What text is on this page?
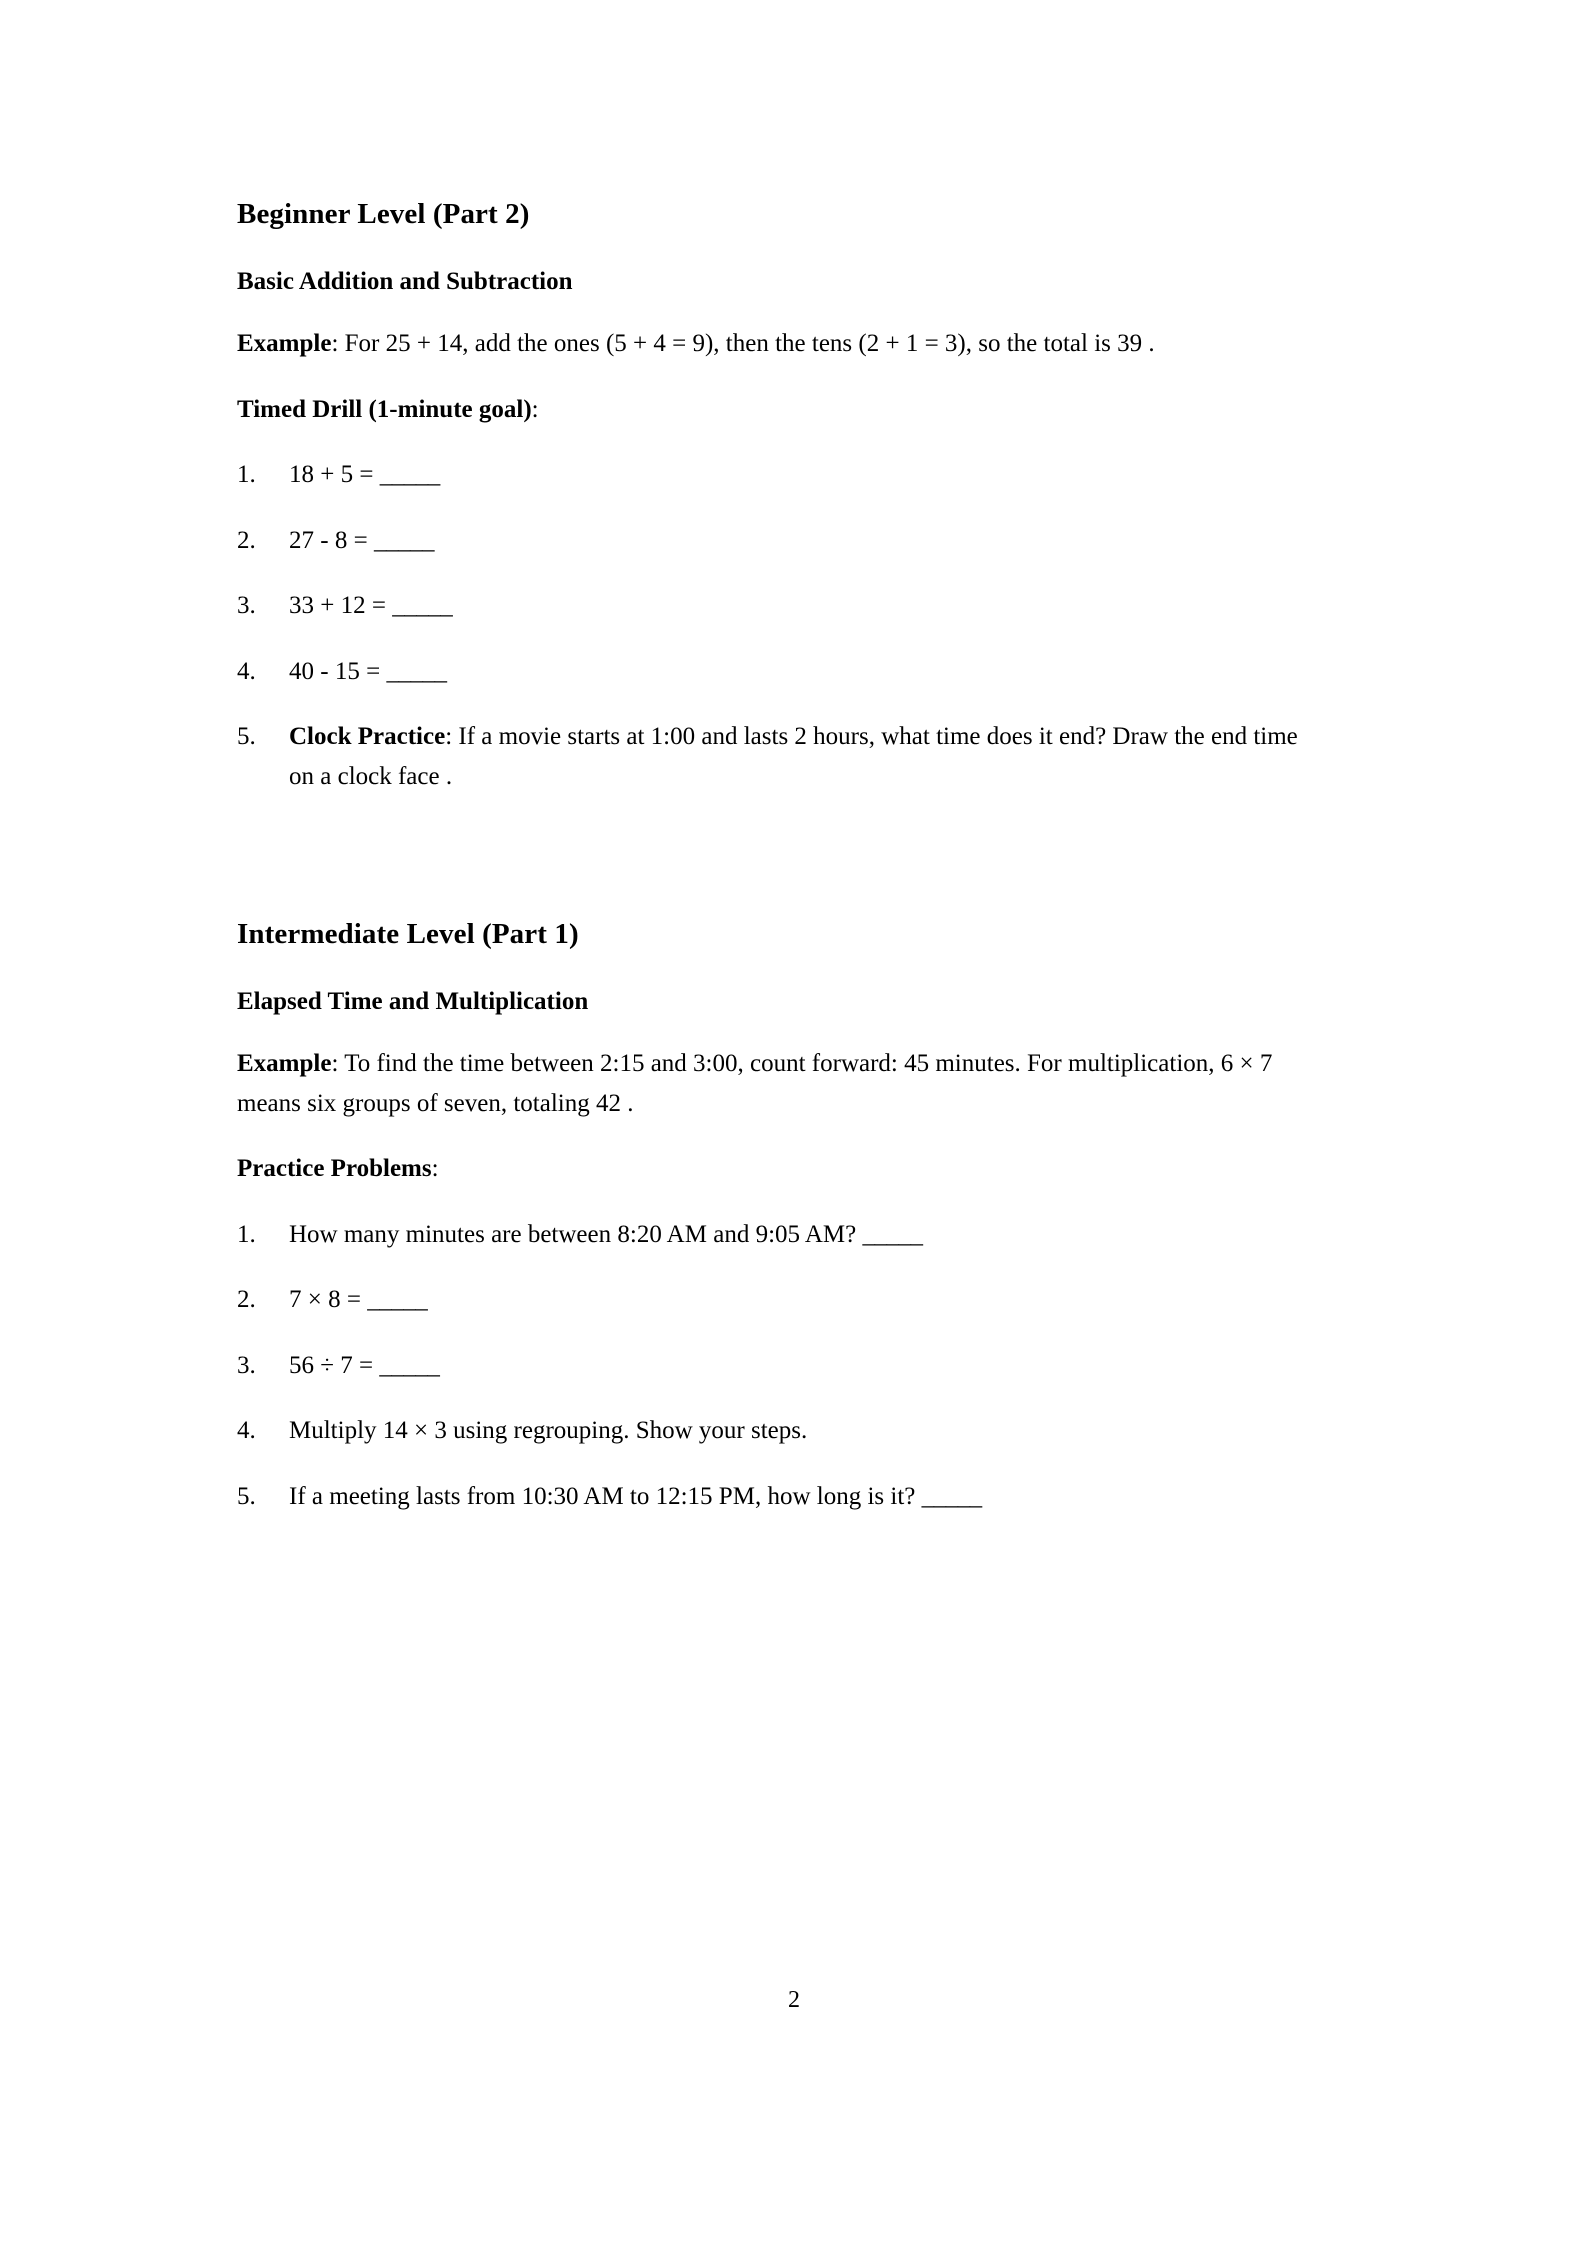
Beginner Level (Part 2)
Basic Addition and Subtraction

Example: For 25 + 14, add the ones (5 + 4 = 9), then the tens (2 + 1 = 3), so the total is 39 .

Timed Drill (1-minute goal):

1.	18 + 5 = _____
2.	27 - 8 = _____
3.	33 + 12 = _____
4.	40 - 15 = _____
5.	Clock Practice: If a movie starts at 1:00 and lasts 2 hours, what time does it end? Draw the end time on a clock face .
Intermediate Level (Part 1)
Elapsed Time and Multiplication

Example: To find the time between 2:15 and 3:00, count forward: 45 minutes. For multiplication, 6 × 7 means six groups of seven, totaling 42 .

Practice Problems:

1.	How many minutes are between 8:20 AM and 9:05 AM? _____
2.	7 × 8 = _____
3.	56 ÷ 7 = _____
4.	Multiply 14 × 3 using regrouping. Show your steps.
5.	If a meeting lasts from 10:30 AM to 12:15 PM, how long is it? _____
2
